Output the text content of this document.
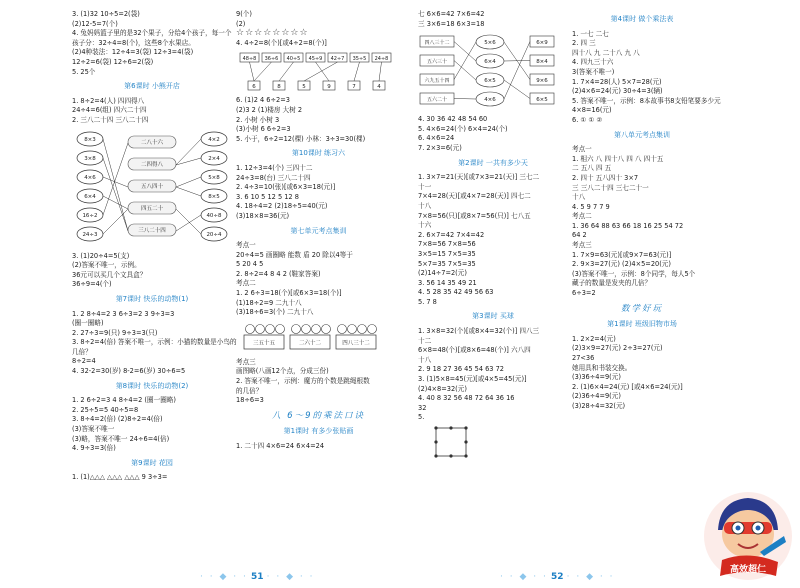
3. (1)32 10÷5=2(袋)
(2)12-5=7(个)
4. 兔妈妈篮子里的是32个果子，分给4个孩子，每一个
孩子分：32÷4=8(个)，这些8个水果店。
(2)4种装法：12÷4=3(袋) 12÷3=4(袋)
12÷2=6(袋) 12÷6=2(袋)
5. 25个
第6课时 小熊开店
1. 8÷2=4(人) 四四得八
24÷4=6(组) 四六二十四
2. 三八二十四 三八二十四
8×3
3×8
4×6
6×4
16÷2
24÷3
4×2
2×4
5×8
8×5
40÷8
20÷4
二八十六
二四得八
五八四十
四五二十
三八二十四
3. (1)20÷4=5(支)
(2)答案不唯一，示例。
36元可以买几个文具盒？
36÷9=4(个)
第7课时 快乐的动物(1)
1. 2 8÷4=2 3 6÷3=2 3 9÷3=3
(圈一圈略)
2. 27÷3=9(只) 9÷3=3(只)
3. 8÷2=4(倍) 答案不唯一，示例：小猫的数量是小鸟的
几倍？
8÷2=4
4. 32-2=30(岁) 8-2=6(岁) 30÷6=5
第8课时 快乐的动物(2)
1. 2 6÷2=3 4 8÷4=2 (圈一圈略)
2. 25÷5=5 40÷5=8
3. 8÷4=2(倍) (2)8÷2=4(倍)
(3)答案不唯一
(3)略，答案不唯一 24÷6=4(倍)
4. 9÷3=3(倍)
第9课时 花园
1. (1)△△△ △△△ △△△ 9 3÷3=
9(个)
(2)
☆☆☆☆☆☆☆☆
4. 4÷2=8(个)[或4÷2=8(个)]
48÷8 36÷6 40÷5 45÷9 42÷7 35÷5 24÷8
6	8	5	9	7	4
6. (1)2 4 6÷2=3
(2)3 2 (1)楼房 大树 2
2. 小树 小树 3
(3)小树 6 6÷2=3
5. 小于，6÷2=12(棵) 小林：3÷3=30(棵)
第10课时 练习六
1. 12÷3=4(个) 三四十二
24÷3=8(台) 三八二十四
2. 4÷3=10(张)[或6×3=18(元)]
3. 6 10 5 12 5 12 8
4. 18÷4=2 (2)18÷5=40(元)
(3)18×8=36(元)
第七单元考点集训
考点一
20÷4=5 画圈略 能数 盾 20 除以4等于
5 20 4 5
2. 8÷2=4 8 4 2 (鞋家答案)
考点二
1. 2 6÷3=18(个)[或6×3=18(个)]
(1)18÷2=9 二九十八
(3)18÷6=3(个) 二九十八
三五十五	二六十二	四八三十二
考点三
画图略(八画12个点，分成三份)
2. 答案不唯一，示例：魔方的个数是跳绳根数
的几倍？
18÷6=3
八 6～9的乘法口诀
第1课时 有多少张贴画
1. 二十四 4×6=24 6×4=24
· · ◆ · · 51 · · ◆ · ·
七 6×6=42 7×6=42
三 3×6=18 6×3=18
四八三十二
五六三十
六九五十四
五六二十
5×6
6×4
6×5
4×6
6×9
8×4
9×6
6×5
4. 30 36 42 48 54 60
5. 4×6=24(个) 6×4=24(个)
6. 4×6=24
7. 2×3=6(元)
第2课时 一共有多少天
1. 3×7=21(天)[或7×3=21(天)] 三七二
十一
7×4=28(天)[或4×7=28(天)] 四七二
十八
7×8=56(只)[或8×7=56(只)] 七八五
十六
2. 6×7=42 7×4=42
7×8=56 7×8=56
3×5=15 7×5=35
5×7=35 7×5=35
(2)14÷7=2(元)
3. 56 14 35 49 21
4. 5 28 35 42 49 56 63
5. 7 8
第3课时 买球
1. 3×8=32(个)[或8×4=32(个)] 四八三
十二
6×8=48(个)[或8×6=48(个)] 六八四
十八
2. 9 18 27 36 45 54 63 72
3. (1)5×8=45(元)[或4×5=45(元)]
(2)4×8=32(元)
4. 40 8 32 56 48 72 64 36 16
32
5.
· · ◆ · · 52 · · ◆ · ·
第4课时 做个乘法表
1. 一七 二七
2. 四 三
四十八 九 二十八 九 八
4. 四九三十六
3(答案不唯一)
1. 7×4=28(人) 5×7=28(元)
(2)4×6=24(元) 30÷4=3(辆)
5. 答案不唯一，示例：8本故事书8支铅笔要多少元
4×8=16(元)
6. ① ① ②
第八单元考点集训
考点一
1. 相六 八 四十八 四 八 四十五
二 五八 四 五
2. 四十 五八四十 3×7
三 三八二十四 三七二十一
十八
4. 5 9 7 7 9
考点二
1. 36 64 88 63 66 18 16 25 54 72
64 2
考点三
1. 7×9=63(元)[或9×7=63(元)]
2. 9×3=27(元) (2)4×5=20(元)
(3)答案不唯一，示例：8个同学，每人5个
藏子的数量是发夹的几倍？
6÷3=2
数学好玩
第1课时 班级旧物市场
1. 2×2=4(元)
(2)3×9=27(元) 2÷3=27(元)
27<36
她用具和书装交换。
(3)36÷4=9(元)
2. (1)6×4=24(元) [或4×6=24(元)]
(2)36÷4=9(元)
(3)28÷4=32(元)
高效超仁
